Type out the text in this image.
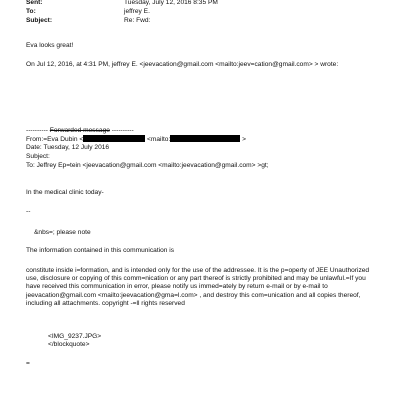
Sent:	Tuesday, July 12, 2016 8:35 PM
To:	jeffrey E.
Subject:	Re: Fwd:
Eva looks great!
On Jul 12, 2016, at 4:31 PM, jeffrey E. <jeevacation@gmail.com <mailto:jeev=cation@gmail.com> > wrote:
---------- Forwarded message ----------
From:=Eva Dubin <	<mailto:	>
Date: Tuesday, 12 July 2016
Subject:
To: Jeffrey Ep=tein <jeevacation@gmail.com <mailto:jeevacation@gmail.com> >gt;
In the medical clinic today-
--
&nbs=; please note
The information contained in this communication is
constitute inside i=formation, and is intended only for the use of the addressee. It is the p=operty of JEE Unauthorized use, disclosure or copying of this comm=nication or any part thereof is strictly prohibited and may be unlawful.=If you have received this communication in error, please notify us immed=ately by return e-mail or by e-mail to jeevacation@gmail.com <mailto:jeevacation@gma=l.com> , and destroy this com=unication and all copies thereof, including all attachments. copyright -=ll rights reserved
<IMG_9237.JPG>
</blockquote>
=
